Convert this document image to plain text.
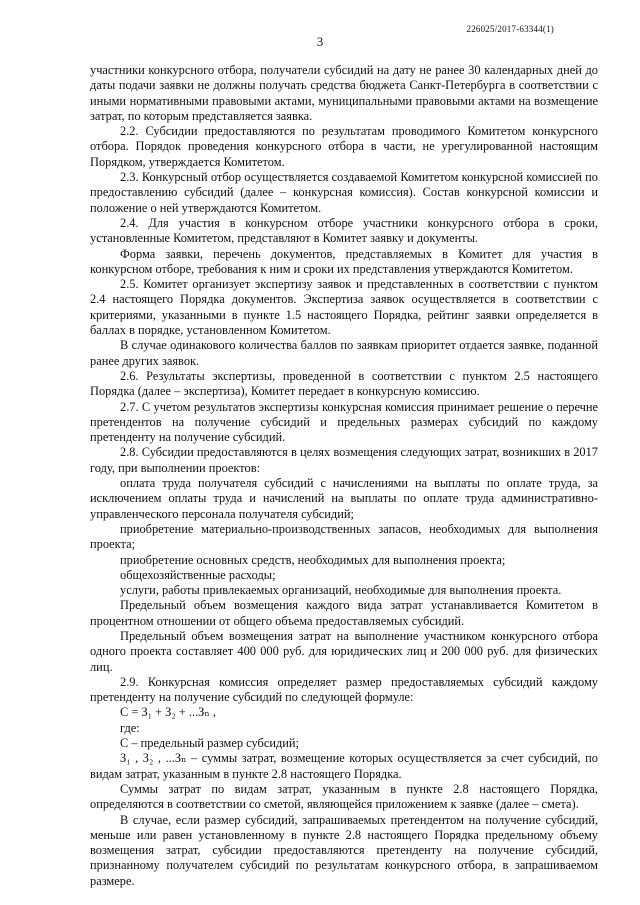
226025/2017-63344(1)
3

участники конкурсного отбора, получатели субсидий на дату не ранее 30 календарных дней до даты подачи заявки не должны получать средства бюджета Санкт-Петербурга в соответствии с иными нормативными правовыми актами, муниципальными правовыми актами на возмещение затрат, по которым представляется заявка.

2.2. Субсидии предоставляются по результатам проводимого Комитетом конкурсного отбора. Порядок проведения конкурсного отбора в части, не урегулированной настоящим Порядком, утверждается Комитетом.

2.3. Конкурсный отбор осуществляется создаваемой Комитетом конкурсной комиссией по предоставлению субсидий (далее – конкурсная комиссия). Состав конкурсной комиссии и положение о ней утверждаются Комитетом.

2.4. Для участия в конкурсном отборе участники конкурсного отбора в сроки, установленные Комитетом, представляют в Комитет заявку и документы.

Форма заявки, перечень документов, представляемых в Комитет для участия в конкурсном отборе, требования к ним и сроки их представления утверждаются Комитетом.

2.5. Комитет организует экспертизу заявок и представленных в соответствии с пунктом 2.4 настоящего Порядка документов. Экспертиза заявок осуществляется в соответствии с критериями, указанными в пункте 1.5 настоящего Порядка, рейтинг заявки определяется в баллах в порядке, установленном Комитетом.

В случае одинакового количества баллов по заявкам приоритет отдается заявке, поданной ранее других заявок.

2.6. Результаты экспертизы, проведенной в соответствии с пунктом 2.5 настоящего Порядка (далее – экспертиза), Комитет передает в конкурсную комиссию.

2.7. С учетом результатов экспертизы конкурсная комиссия принимает решение о перечне претендентов на получение субсидий и предельных размерах субсидий по каждому претенденту на получение субсидий.

2.8. Субсидии предоставляются в целях возмещения следующих затрат, возникших в 2017 году, при выполнении проектов:

оплата труда получателя субсидий с начислениями на выплаты по оплате труда, за исключением оплаты труда и начислений на выплаты по оплате труда административно-управленческого персонала получателя субсидий;

приобретение материально-производственных запасов, необходимых для выполнения проекта;

приобретение основных средств, необходимых для выполнения проекта;

общехозяйственные расходы;

услуги, работы привлекаемых организаций, необходимые для выполнения проекта.

Предельный объем возмещения каждого вида затрат устанавливается Комитетом в процентном отношении от общего объема предоставляемых субсидий.

Предельный объем возмещения затрат на выполнение участником конкурсного отбора одного проекта составляет 400 000 руб. для юридических лиц и 200 000 руб. для физических лиц.

2.9. Конкурсная комиссия определяет размер предоставляемых субсидий каждому претенденту на получение субсидий по следующей формуле:

С = З₁ + З₂ + ...Зₙ ,

где:

С – предельный размер субсидий;

З₁ , З₂ , ...Зₙ – суммы затрат, возмещение которых осуществляется за счет субсидий, по видам затрат, указанным в пункте 2.8 настоящего Порядка.

Суммы затрат по видам затрат, указанным в пункте 2.8 настоящего Порядка, определяются в соответствии со сметой, являющейся приложением к заявке (далее – смета).

В случае, если размер субсидий, запрашиваемых претендентом на получение субсидий, меньше или равен установленному в пункте 2.8 настоящего Порядка предельному объему возмещения затрат, субсидии предоставляются претенденту на получение субсидий, признанному получателем субсидий по результатам конкурсного отбора, в запрашиваемом размере.
